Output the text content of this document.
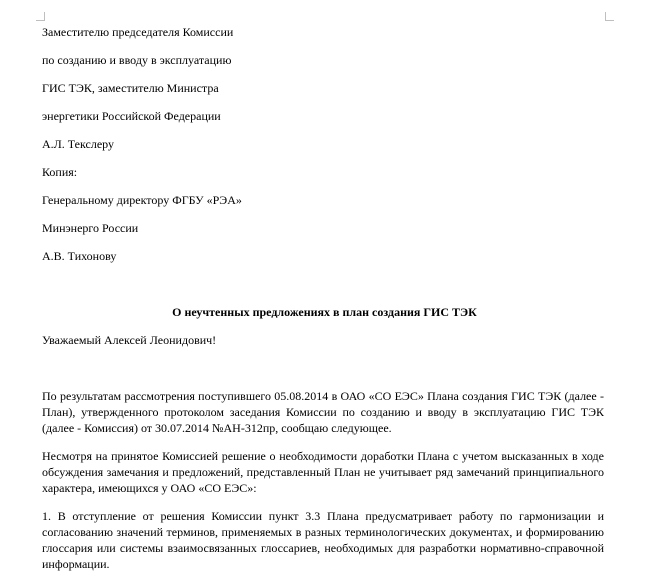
Заместителю председателя Комиссии
по созданию и вводу в эксплуатацию
ГИС ТЭК, заместителю Министра
энергетики Российской Федерации
А.Л. Текслеру
Копия:
Генеральному директору ФГБУ «РЭА»
Минэнерго России
А.В. Тихонову
О неучтенных предложениях в план создания ГИС ТЭК
Уважаемый Алексей Леонидович!
По результатам рассмотрения поступившего 05.08.2014 в ОАО «СО ЕЭС» Плана создания ГИС ТЭК (далее -
План), утвержденного протоколом заседания Комиссии по созданию и вводу в эксплуатацию ГИС ТЭК
(далее - Комиссия) от 30.07.2014 №АН-312пр, сообщаю следующее.
Несмотря на принятое Комиссией решение о необходимости доработки Плана с учетом высказанных в ходе
обсуждения замечания и предложений, представленный План не учитывает ряд замечаний принципиального
характера, имеющихся у ОАО «СО ЕЭС»:
1. В отступление от решения Комиссии пункт 3.3 Плана предусматривает работу по гармонизации и
согласованию значений терминов, применяемых в разных терминологических документах, и формированию
глоссария или системы взаимосвязанных глоссариев, необходимых для разработки нормативно-справочной
информации.
